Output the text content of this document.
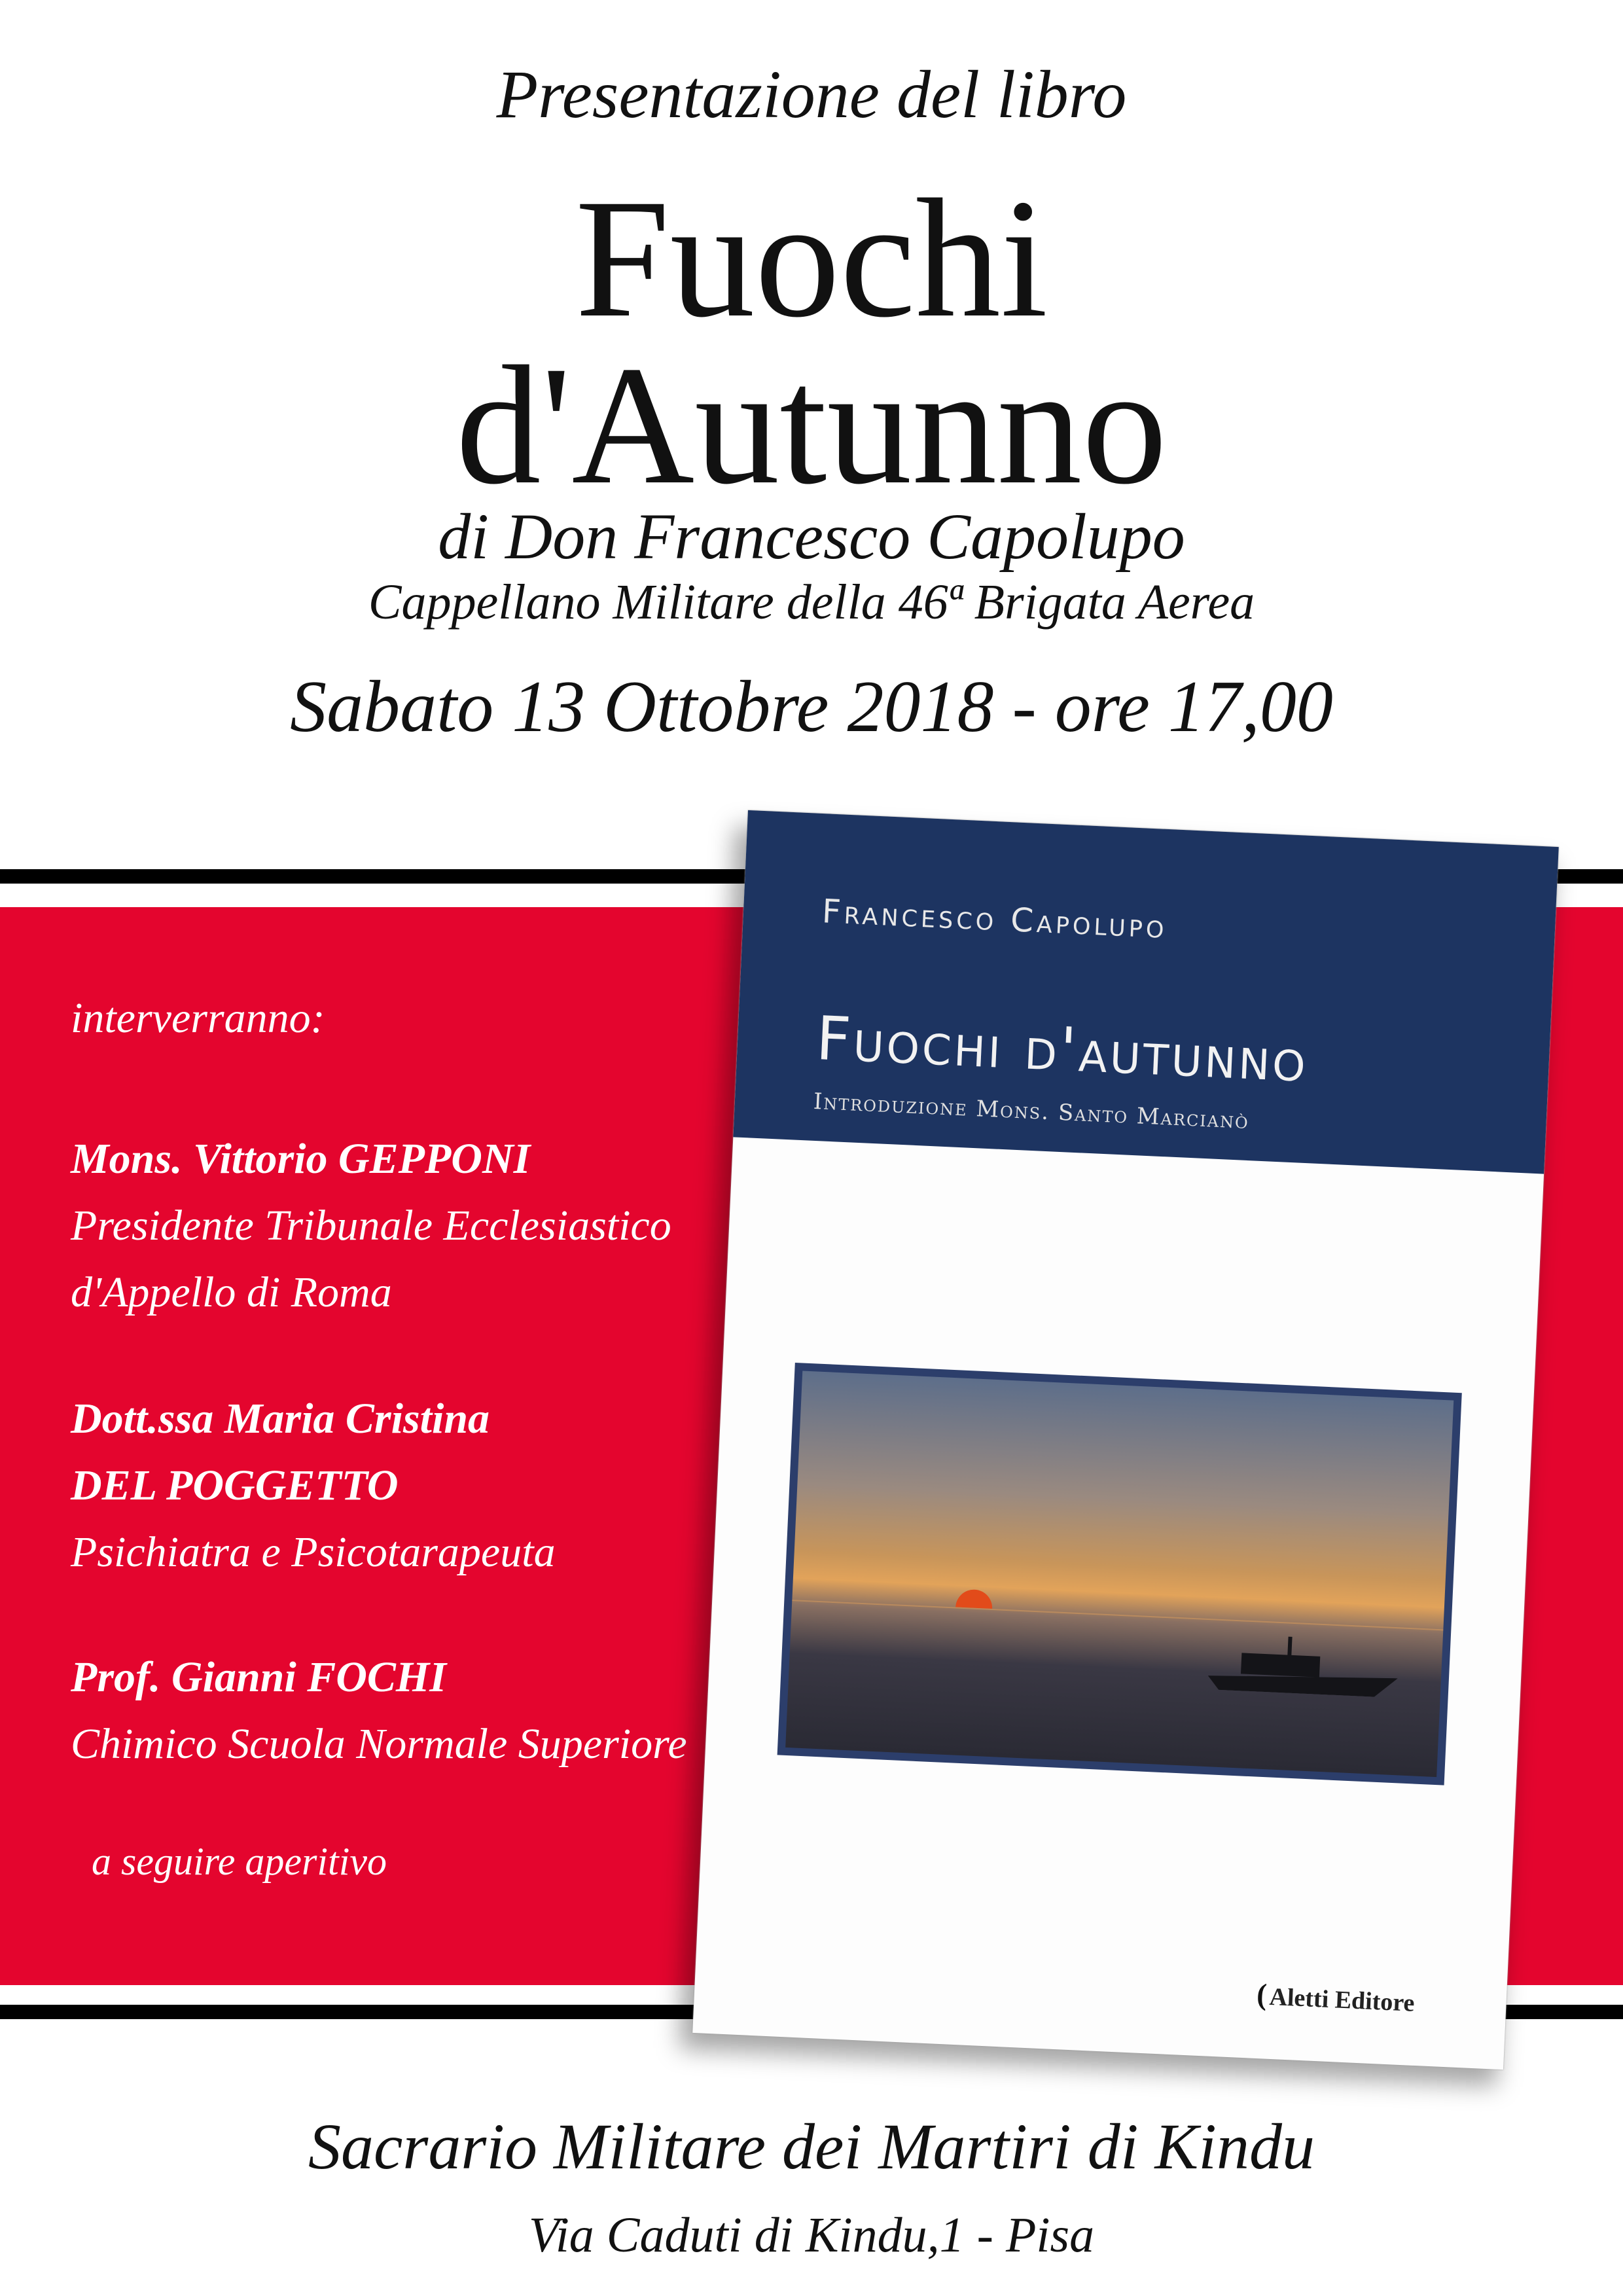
Presentazione del libro
Fuochi
d'Autunno
di Don Francesco Capolupo
Cappellano Militare della 46ª Brigata Aerea
Sabato 13 Ottobre 2018 - ore 17,00
interverranno:
Mons. Vittorio GEPPONI
Presidente Tribunale Ecclesiastico
d'Appello di Roma
Dott.ssa Maria Cristina
DEL POGGETTO
Psichiatra e Psicotarapeuta
Prof. Gianni FOCHI
Chimico Scuola Normale Superiore
a seguire aperitivo
Francesco Capolupo
Fuochi d'autunno
Introduzione Mons. Santo Marcianò
(Aletti Editore
Sacrario Militare dei Martiri di Kindu
Via Caduti di Kindu,1 - Pisa
